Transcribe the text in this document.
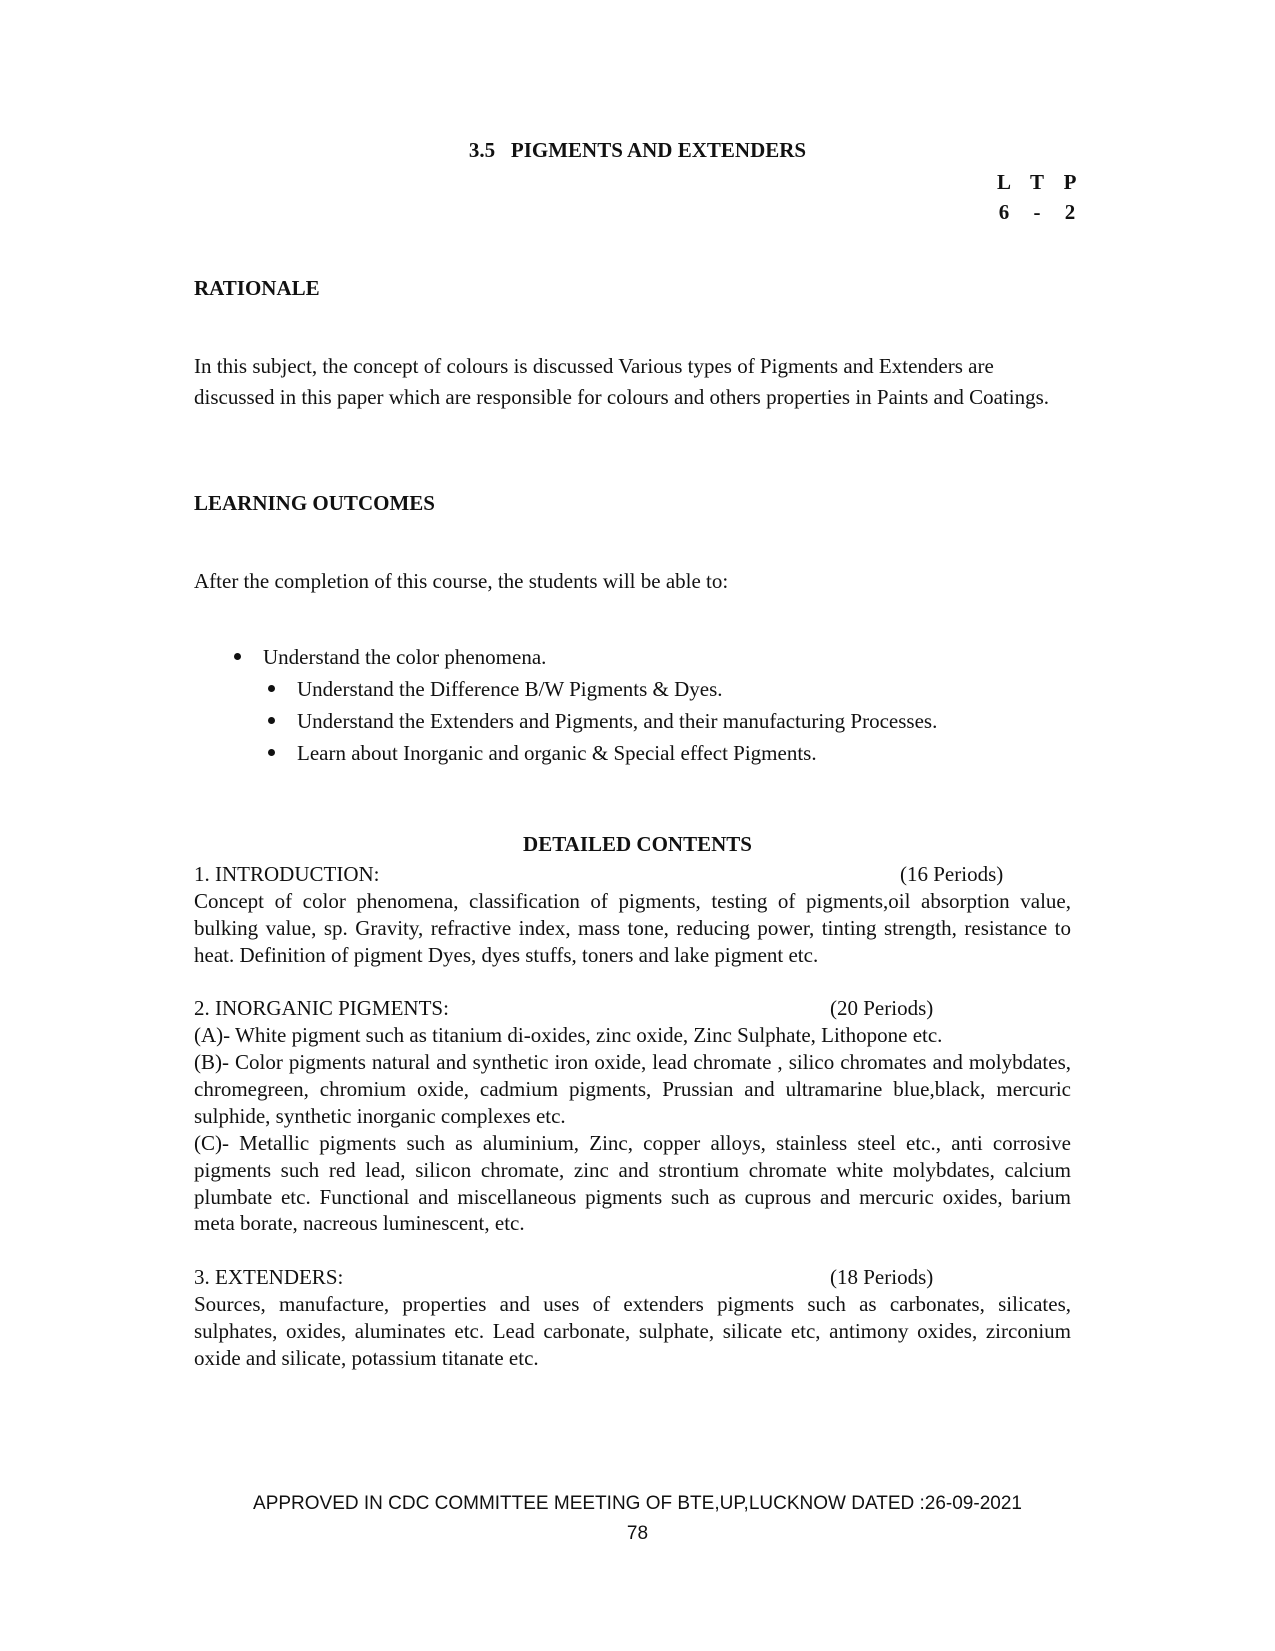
3.5 PIGMENTS AND EXTENDERS
L T P
6	-	2
RATIONALE
In this subject, the concept of colours is discussed Various types of Pigments and Extenders are discussed in this paper which are responsible for colours and others properties in Paints and Coatings.
LEARNING OUTCOMES
After the completion of this course, the students will be able to:
Understand the color phenomena.
Understand the Difference B/W Pigments & Dyes.
Understand the Extenders and Pigments, and their manufacturing Processes.
Learn about Inorganic and organic & Special effect Pigments.
DETAILED CONTENTS
1. INTRODUCTION:	(16 Periods)
Concept of color phenomena, classification of pigments, testing of pigments,oil absorption value, bulking value, sp. Gravity, refractive index, mass tone, reducing power, tinting strength, resistance to heat. Definition of pigment Dyes, dyes stuffs, toners and lake pigment etc.
2. INORGANIC PIGMENTS:	(20 Periods)
(A)- White pigment such as titanium di-oxides, zinc oxide, Zinc Sulphate, Lithopone etc.
(B)- Color pigments natural and synthetic iron oxide, lead chromate , silico chromates and molybdates, chromegreen, chromium oxide, cadmium pigments, Prussian and ultramarine blue,black, mercuric sulphide, synthetic inorganic complexes etc.
(C)- Metallic pigments such as aluminium, Zinc, copper alloys, stainless steel etc., anti corrosive pigments such red lead, silicon chromate, zinc and strontium chromate white molybdates, calcium plumbate etc. Functional and miscellaneous pigments such as cuprous and mercuric oxides, barium meta borate, nacreous luminescent, etc.
3. EXTENDERS:	(18 Periods)
Sources, manufacture, properties and uses of extenders pigments such as carbonates, silicates, sulphates, oxides, aluminates etc. Lead carbonate, sulphate, silicate etc, antimony oxides, zirconium oxide and silicate, potassium titanate etc.
APPROVED IN CDC COMMITTEE MEETING OF BTE,UP,LUCKNOW DATED :26-09-2021
78
